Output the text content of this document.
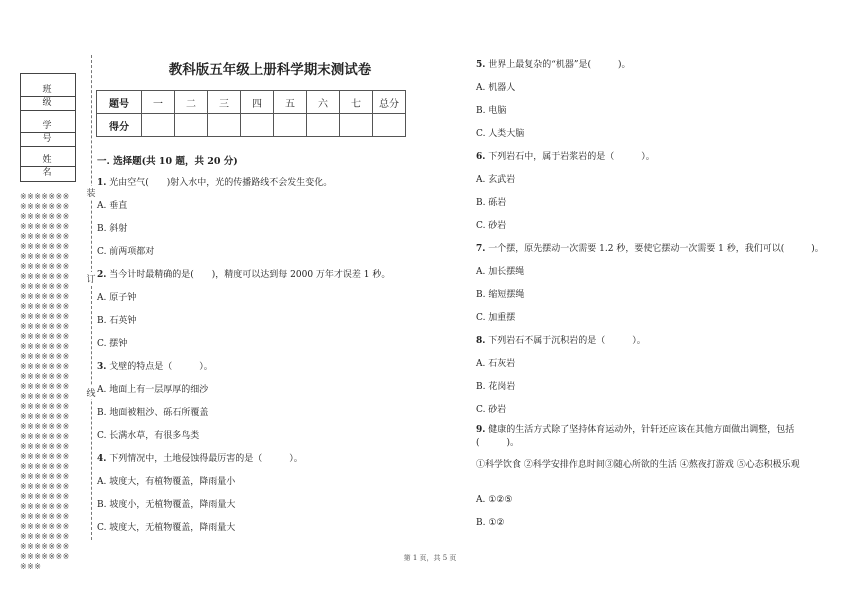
班 级
学 号
姓 名
※※※※※※※※※※※※※※※※※※※※※※※※※※※※※※※※※※※※※※※※※※※※※※※※※※※※※※※※※※※※※※※※※※※※※※※※※※※※※※※※※※※※※※※※※※※※※※※※※※※※※※※※※※※※※※※※※※※※※※※※※※※※※※※※※※※※※※※※※※※※※※※※※※※※※※※※※※※※※※※※※※※※※※※※※※※※※※※※※※※※※※※※※※※※※※※※※※※※※※※※※※※※※※※※※※※※※※※※※※※※※※※※※※※※※※※※※※※※※※※※※※※※※※※※※※※※※※※※※※※※※※
装
订
线
教科版五年级上册科学期末测试卷
题号	一	二	三	四	五	六	七	总分
得分								
一. 选择题(共 10 题，共 20 分)
1. 光由空气(　　)射入水中，光的传播路线不会发生变化。
A. 垂直
B. 斜射
C. 前两项都对
2. 当今计时最精确的是(　　)，精度可以达到每 2000 万年才误差 1 秒。
A. 原子钟
B. 石英钟
C. 摆钟
3. 戈壁的特点是（　　　）。
A. 地面上有一层厚厚的细沙
B. 地面被粗沙、砾石所覆盖
C. 长满水草，有很多鸟类
4. 下列情况中，土地侵蚀得最厉害的是（　　　）。
A. 坡度大，有植物覆盖，降雨量小
B. 坡度小，无植物覆盖，降雨量大
C. 坡度大，无植物覆盖，降雨量大
5. 世界上最复杂的“机器”是(　　　)。
A. 机器人
B. 电脑
C. 人类大脑
6. 下列岩石中，属于岩浆岩的是（　　　）。
A. 玄武岩
B. 砾岩
C. 砂岩
7. 一个摆，原先摆动一次需要 1.2 秒，要使它摆动一次需要 1 秒，我们可以(　　　)。
A. 加长摆绳
B. 缩短摆绳
C. 加重摆
8. 下列岩石不属于沉积岩的是（　　　）。
A. 石灰岩
B. 花岗岩
C. 砂岩
9. 健康的生活方式除了坚持体育运动外，针轩还应该在其他方面做出调整，包括(　　　)。
①科学饮食 ②科学安排作息时间③随心所欲的生活 ④熬夜打游戏 ⑤心态积极乐观
A. ①②⑤
B. ①②
第 1 页，共 5 页
